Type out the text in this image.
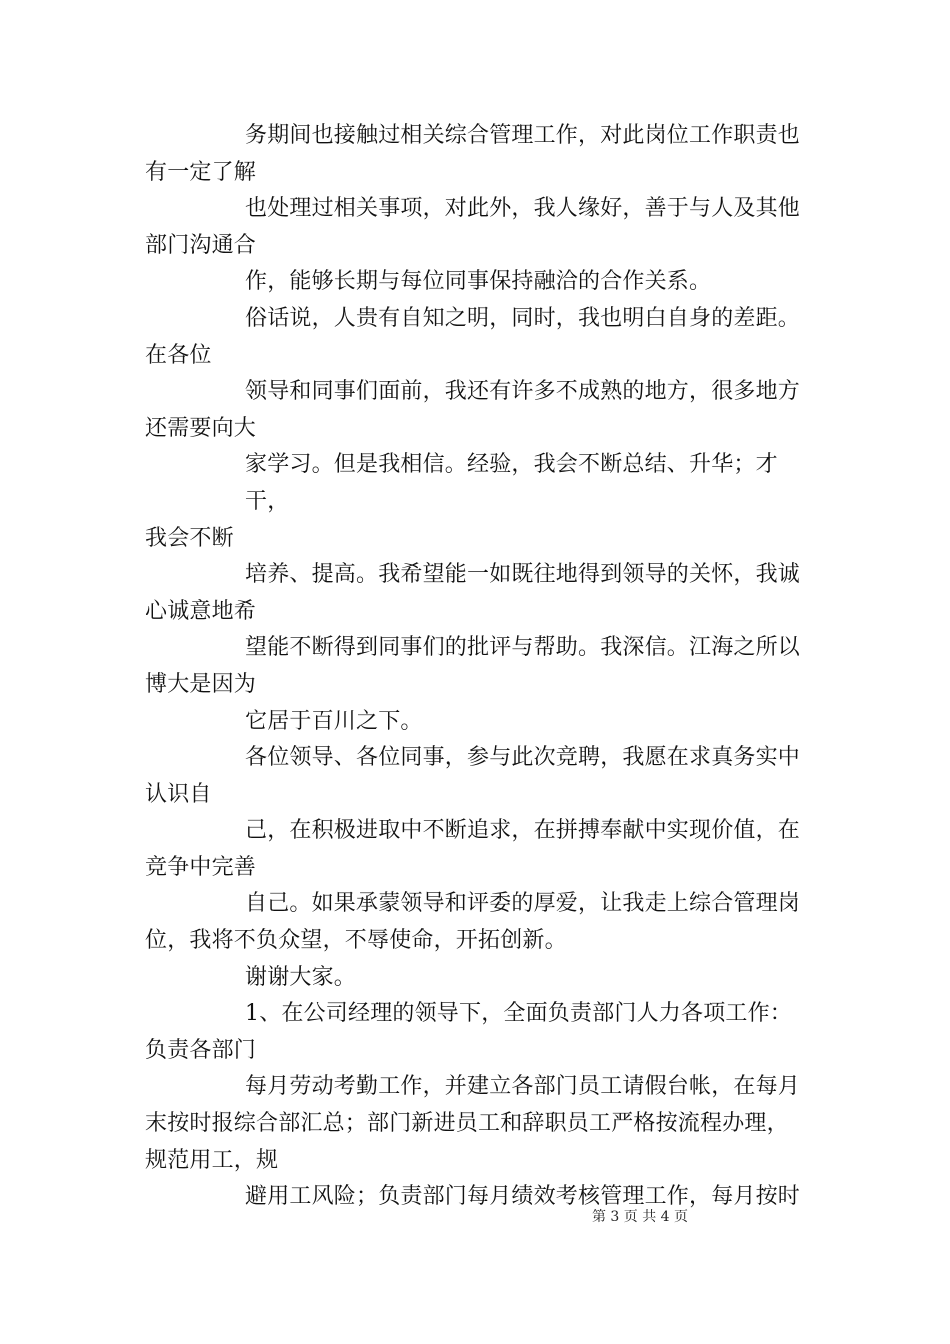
务期间也接触过相关综合管理工作，对此岗位工作职责也
有一定了解
也处理过相关事项，对此外，我人缘好，善于与人及其他
部门沟通合
作，能够长期与每位同事保持融洽的合作关系。
俗话说，人贵有自知之明，同时，我也明白自身的差距。
在各位
领导和同事们面前，我还有许多不成熟的地方，很多地方
还需要向大
家学习。但是我相信。经验，我会不断总结、升华；才干，
我会不断
培养、提高。我希望能一如既往地得到领导的关怀，我诚
心诚意地希
望能不断得到同事们的批评与帮助。我深信。江海之所以
博大是因为
它居于百川之下。
各位领导、各位同事，参与此次竞聘，我愿在求真务实中
认识自
己，在积极进取中不断追求，在拼搏奉献中实现价值，在
竞争中完善
自己。如果承蒙领导和评委的厚爱，让我走上综合管理岗
位，我将不负众望，不辱使命，开拓创新。
谢谢大家。
1、在公司经理的领导下，全面负责部门人力各项工作：
负责各部门
每月劳动考勤工作，并建立各部门员工请假台帐，在每月
末按时报综合部汇总；部门新进员工和辞职员工严格按流程办理，
规范用工，规
避用工风险；负责部门每月绩效考核管理工作，每月按时
第 3 页 共 4 页
